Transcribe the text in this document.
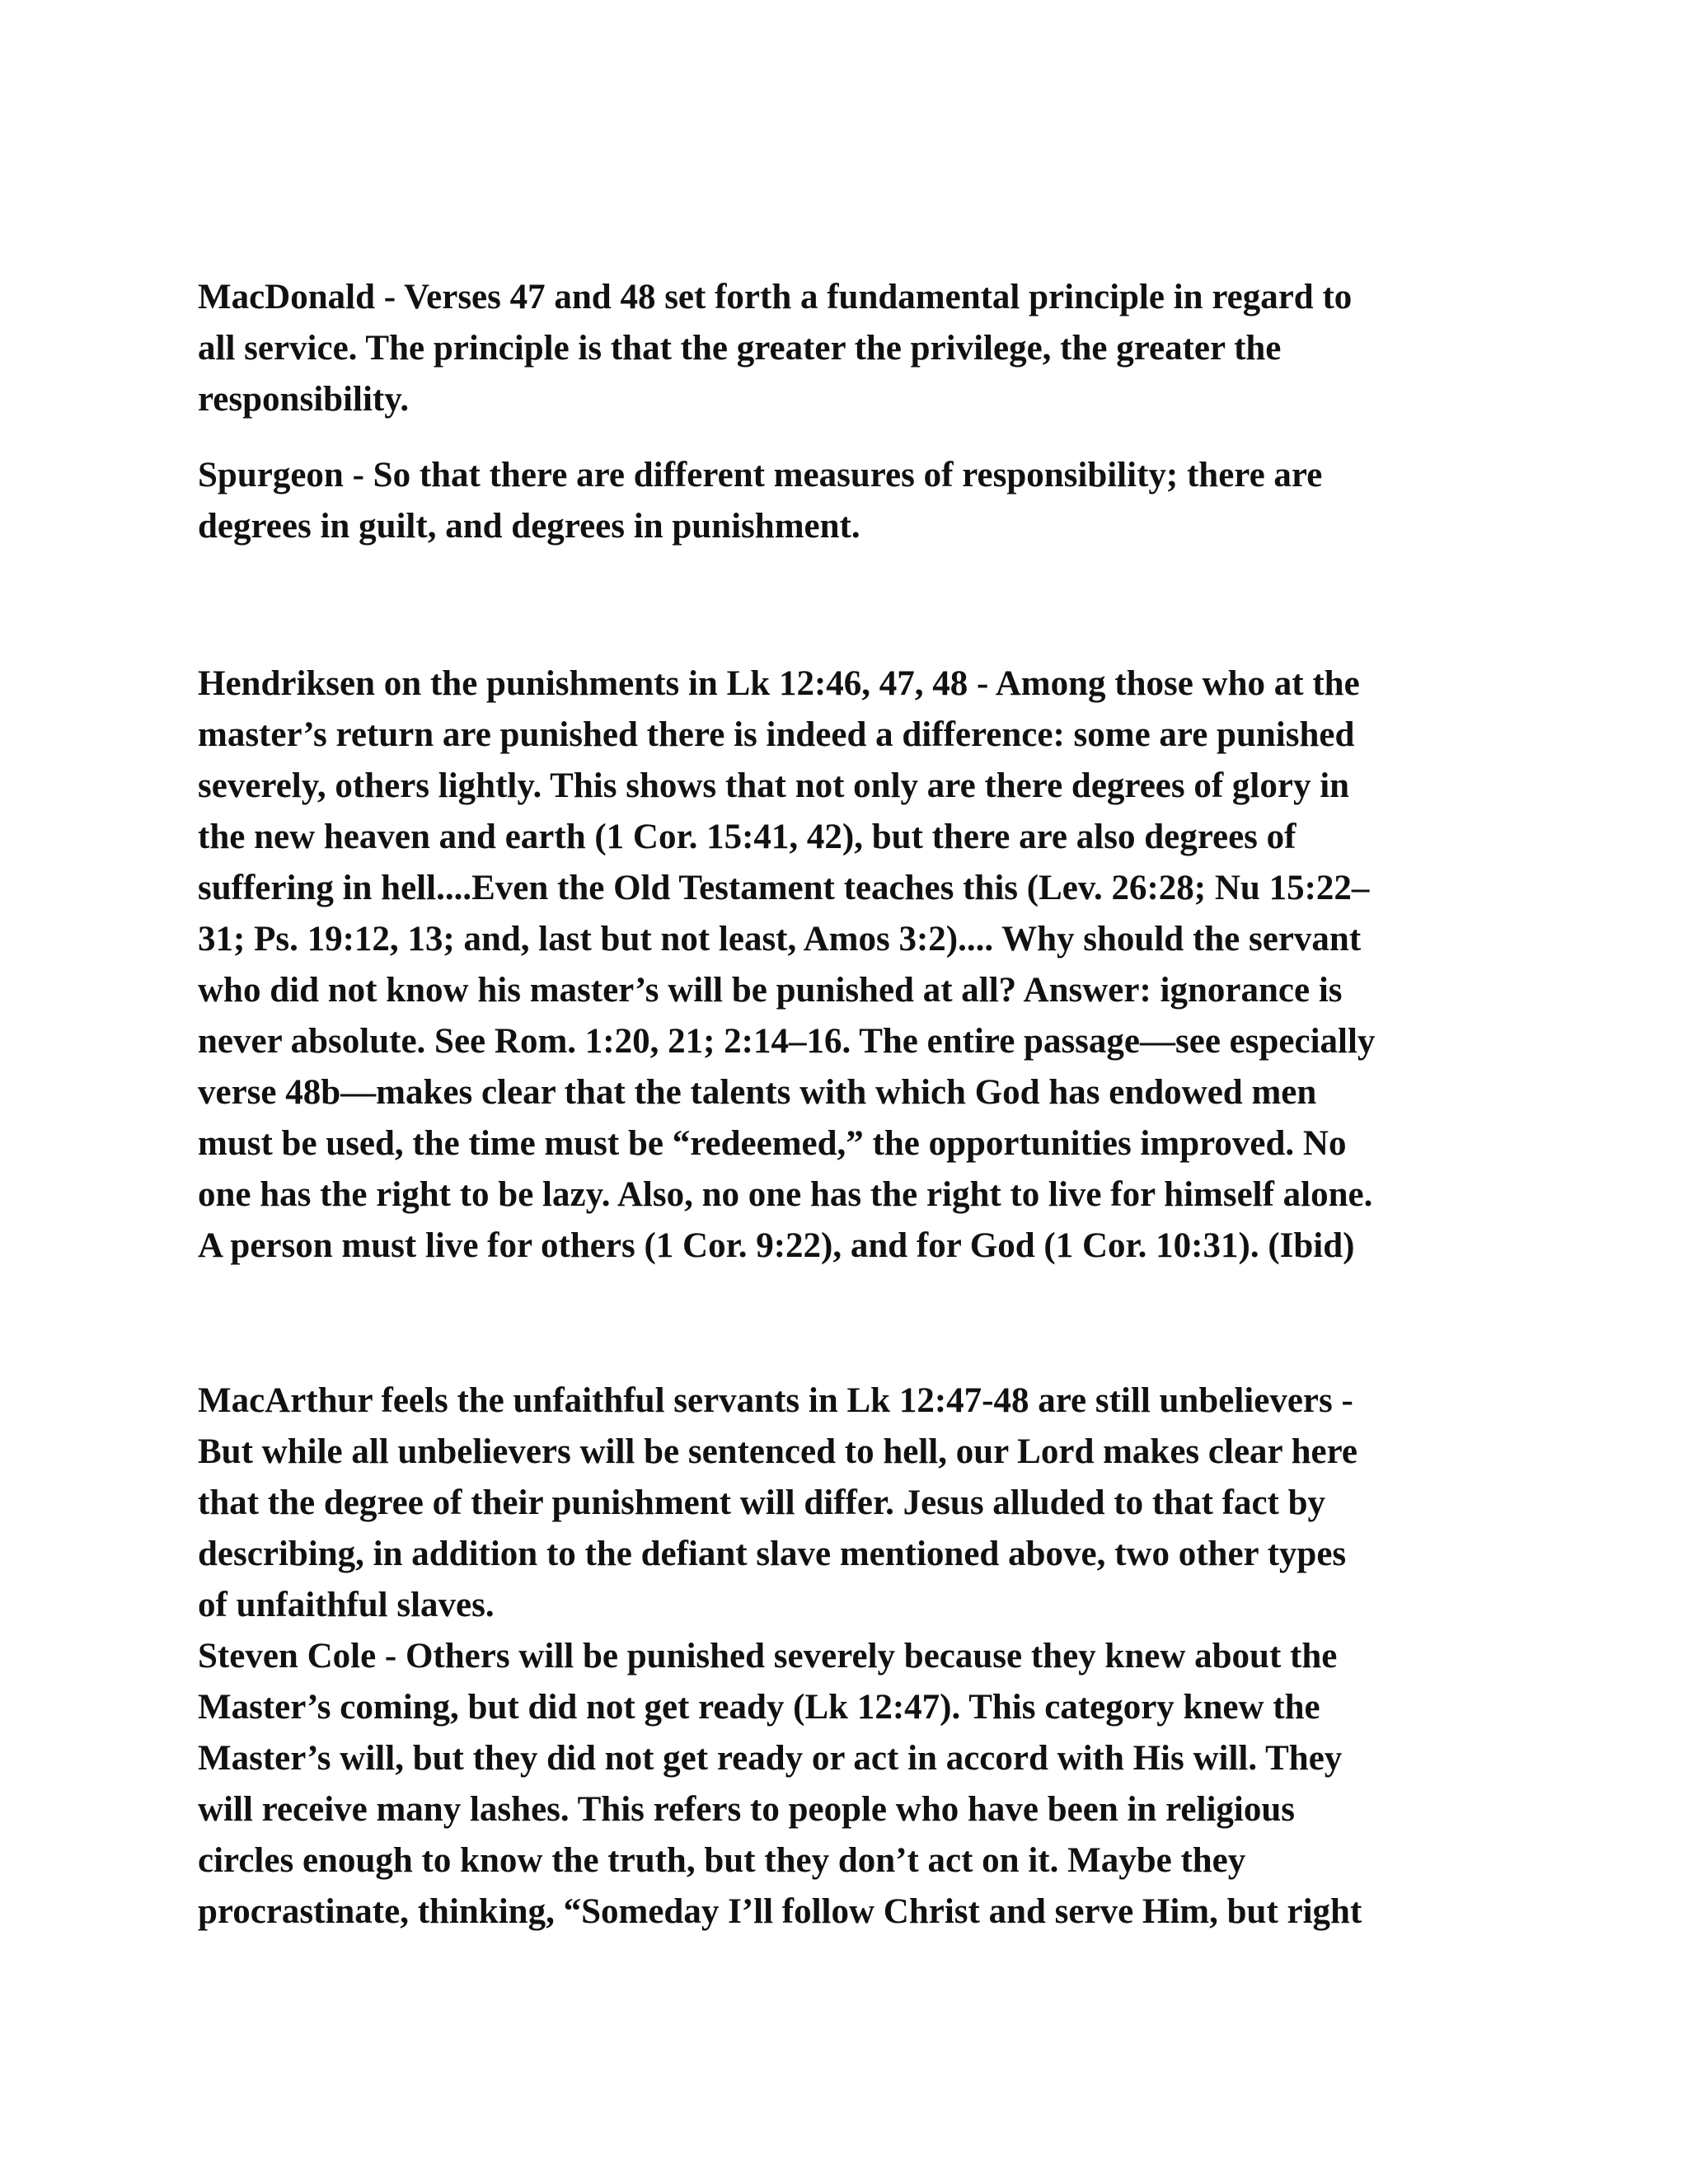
MacDonald - Verses 47 and 48 set forth a fundamental principle in regard to
all service. The principle is that the greater the privilege, the greater the
responsibility.
Spurgeon - So that there are different measures of responsibility; there are
degrees in guilt, and degrees in punishment.
Hendriksen on the punishments in Lk 12:46, 47, 48 - Among those who at the
master’s return are punished there is indeed a difference: some are punished
severely, others lightly. This shows that not only are there degrees of glory in
the new heaven and earth (1 Cor. 15:41, 42), but there are also degrees of
suffering in hell....Even the Old Testament teaches this (Lev. 26:28; Nu 15:22–
31; Ps. 19:12, 13; and, last but not least, Amos 3:2).... Why should the servant
who did not know his master’s will be punished at all? Answer: ignorance is
never absolute. See Rom. 1:20, 21; 2:14–16. The entire passage—see especially
verse 48b—makes clear that the talents with which God has endowed men
must be used, the time must be “redeemed,” the opportunities improved. No
one has the right to be lazy. Also, no one has the right to live for himself alone.
A person must live for others (1 Cor. 9:22), and for God (1 Cor. 10:31). (Ibid)
MacArthur feels the unfaithful servants in Lk 12:47-48 are still unbelievers -
But while all unbelievers will be sentenced to hell, our Lord makes clear here
that the degree of their punishment will differ. Jesus alluded to that fact by
describing, in addition to the defiant slave mentioned above, two other types
of unfaithful slaves.
Steven Cole - Others will be punished severely because they knew about the
Master’s coming, but did not get ready (Lk 12:47). This category knew the
Master’s will, but they did not get ready or act in accord with His will. They
will receive many lashes. This refers to people who have been in religious
circles enough to know the truth, but they don’t act on it. Maybe they
procrastinate, thinking, “Someday I’ll follow Christ and serve Him, but right
